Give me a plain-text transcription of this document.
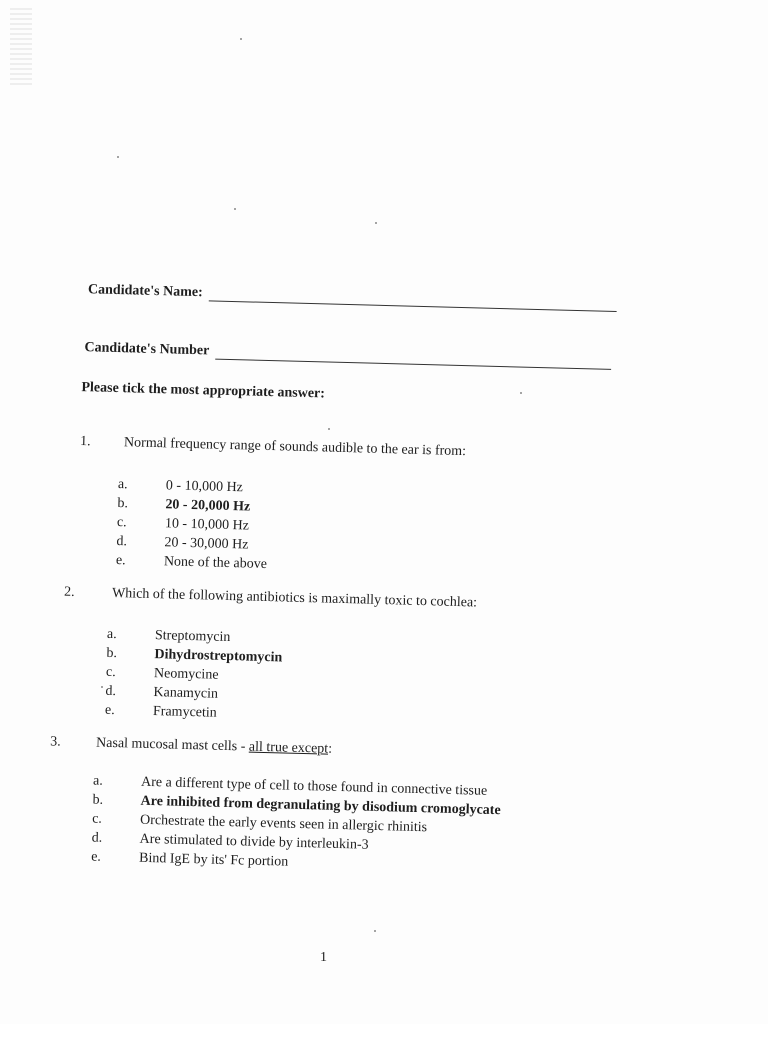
Candidate's Name:
Candidate's Number
Please tick the most appropriate answer:
1. Normal frequency range of sounds audible to the ear is from:
a.	0 - 10,000 Hz
b.	20 - 20,000 Hz
c.	10 - 10,000 Hz
d.	20 - 30,000 Hz
e.	None of the above
2.	Which of the following antibiotics is maximally toxic to cochlea:
a.	Streptomycin
b.	Dihydrostreptomycin
c.	Neomycine
d.	Kanamycin
e.	Framycetin
3.	Nasal mucosal mast cells - all true except:
a.	Are a different type of cell to those found in connective tissue
b.	Are inhibited from degranulating by disodium cromoglycate
c.	Orchestrate the early events seen in allergic rhinitis
d.	Are stimulated to divide by interleukin-3
e.	Bind IgE by its' Fc portion
1
